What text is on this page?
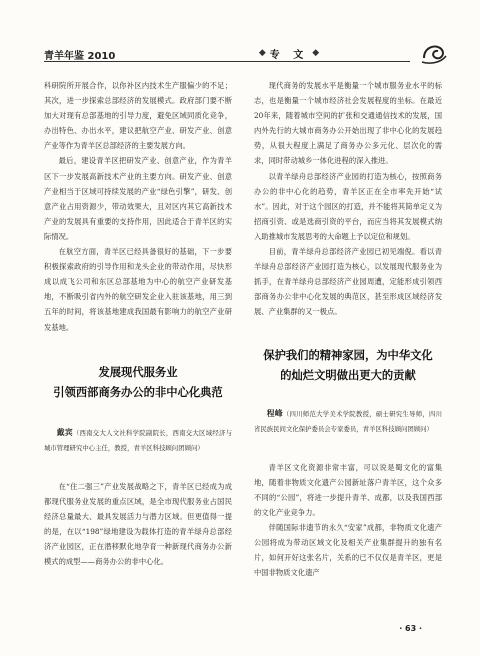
青羊年鉴 2010	◆ 专 文 ◆

科研院所开展合作，以你补区内技术生产服偏少的不足；其次，进一步探索总部经济的发展模式。政府部门要不断加大对现有总部基地的引导力度，避免区域同质化竞争，办出特色、办出水平，建议把航空产业、研发产业、创意产业等作为青羊区总部经济的主要发展方向。

最后，建设青羊区把研发产业、创意产业，作为青羊区下一步发展高新技术产业的主要方向。研发产业、创意产业相当于区域可持续发展的产业“绿色引擎”，研发、创意产业占用资源少，带动效果大，且对区内其它高新技术产业的发展具有重要的支持作用，因此适合于青羊区的实际情况。

在航空方面，青羊区已经具备很好的基础，下一步要积极探索政府的引导作用和龙头企业的带动作用，尽快形成以成飞公司和东区总部基地为中心的航空产业研发基地，不断吸引省内外的航空研发企业入驻该基地，用三到五年的时间，将该基地建成我国最有影响力的航空产业研发基地。

发展现代服务业

引领西部商务办公的非中心化典范

戴宾（西南交大人文社科学院副院长，西南交大区域经济与城市管理研究中心主任，教授，青羊区科技顾问团顾问）

在“住二强三”产业发展战略之下，青羊区已经成为成都现代服务业发展的重点区域，是全市现代服务业占国民经济总量最大、最具发展活力与潜力区域。但更值得一提的是，在以“198”绿地建设为载体打造的青羊绿舟总部经济产业园区，正在潜移默化地孕育一种新现代商务办公新模式的成型——商务办公的非中心化。

现代商务的发展水平是衡量一个城市服务业水平的标志，也是衡量一个城市经济社会发展程度的坐标。在最近20年来，随着城市空间的扩张和交通通信技术的发展，国内外先行的大城市商务办公开始出现了非中心化的发展趋势，从很大程度上满足了商务办公多元化、层次化的需求，同时带动城乡一体化进程的深入推进。

以青羊绿舟总部经济产业园的打造为核心，按照商务办公的非中心化的趋势，青羊区正在全市率先开始“试水”。因此，对于这个园区的打造，并不能将其简单定义为招商引资、或是选商引资的平台，而应当将其发展模式纳入助推城市发展思考的大命题上予以定位和规划。

目前，青羊绿舟总部经济产业园已初见端倪。看以青羊绿舟总部经济产业园打造为核心，以发展现代服务业为抓手，在青羊绿舟总部经济产业园周遭，定能形成引领西部商务办公非中心化发展的典范区，甚至形成区域经济发展、产业集群的又一极点。

保护我们的精神家园，为中华文化

的灿烂文明做出更大的贡献

程峰（四川师范大学美术学院教授，硕士研究生导师，四川省民族民间文化保护委员会专家委员，青羊区科技顾问团顾问）

青羊区文化资源非常丰富，可以说是蜀文化的富集地，随着非物质文化遗产公园新址落户青羊区，这个众多不同的“公园”，将进一步提升青羊、成都，以及我国西部的文化产业竞争力。

伴随国际非遗节的永久“安家”成都，非物质文化遗产公园将成为带动区域文化及相关产业集群提升的独有名片，如何开好这张名片，关系的已不仅仅是青羊区，更是中国非物质文化遗产

· 63 ·
